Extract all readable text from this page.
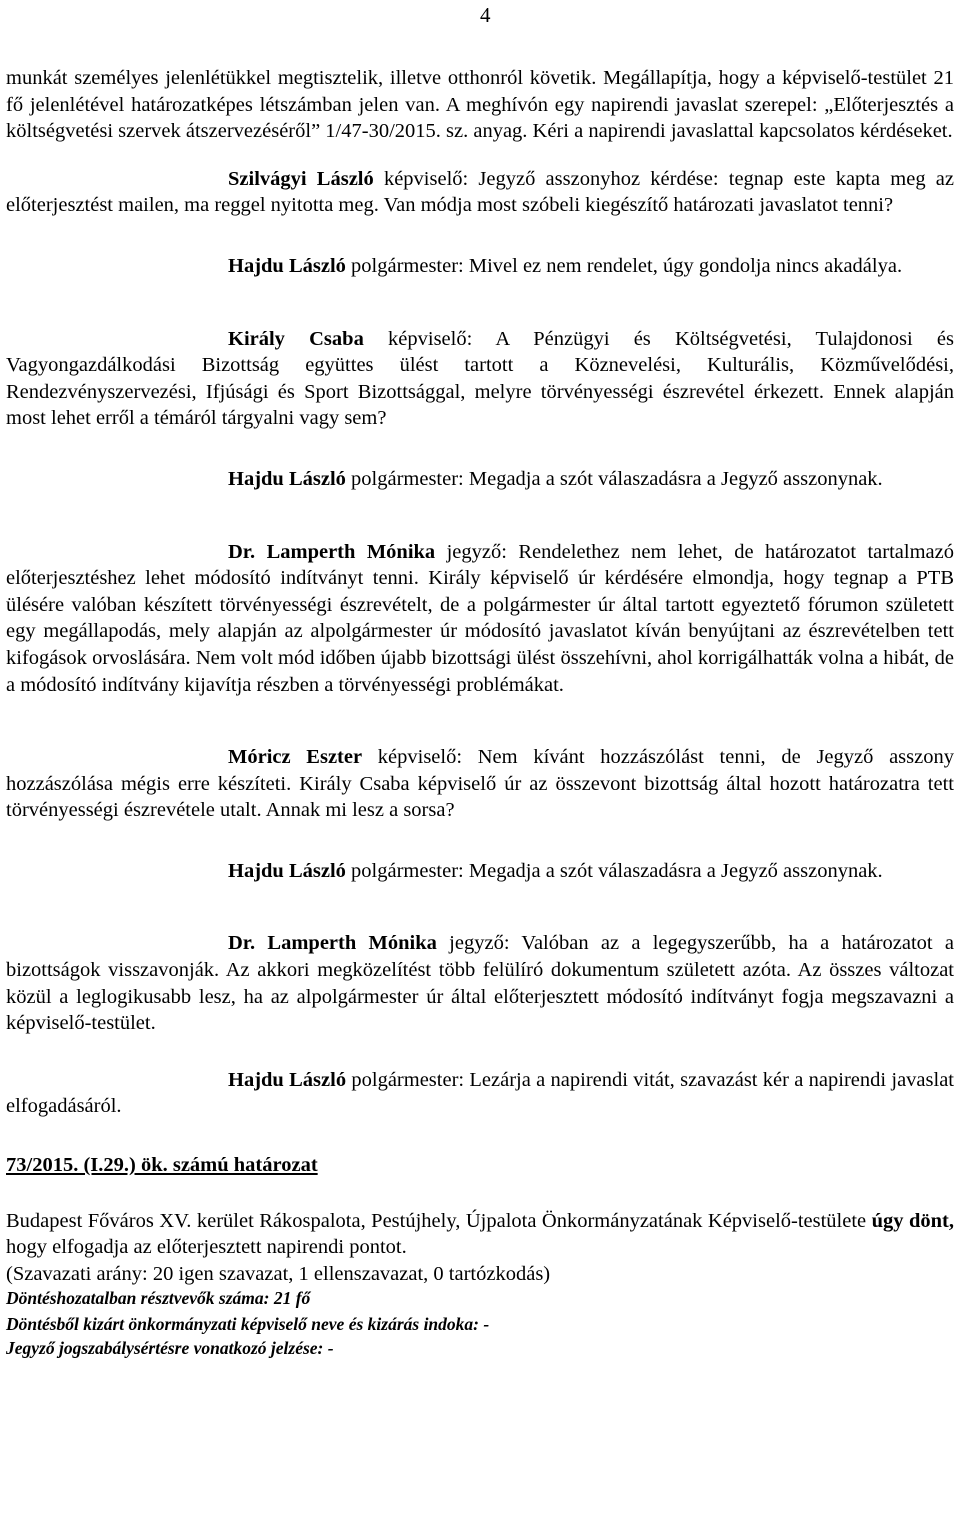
4

munkát személyes jelenlétükkel megtisztelik, illetve otthonról követik. Megállapítja, hogy a képviselő-testület 21 fő jelenlétével határozatképes létszámban jelen van. A meghívón egy napirendi javaslat szerepel: „Előterjesztés a költségvetési szervek átszervezéséről” 1/47-30/2015. sz. anyag. Kéri a napirendi javaslattal kapcsolatos kérdéseket.

Szilvágyi László képviselő: Jegyző asszonyhoz kérdése: tegnap este kapta meg az előterjesztést mailen, ma reggel nyitotta meg. Van módja most szóbeli kiegészítő határozati javaslatot tenni?

Hajdu László polgármester: Mivel ez nem rendelet, úgy gondolja nincs akadálya.

Király Csaba képviselő: A Pénzügyi és Költségvetési, Tulajdonosi és Vagyongazdálkodási Bizottság együttes ülést tartott a Köznevelési, Kulturális, Közművelődési, Rendezvényszervezési, Ifjúsági és Sport Bizottsággal, melyre törvényességi észrevétel érkezett. Ennek alapján most lehet erről a témáról tárgyalni vagy sem?

Hajdu László polgármester: Megadja a szót válaszadásra a Jegyző asszonynak.

Dr. Lamperth Mónika jegyző: Rendelethez nem lehet, de határozatot tartalmazó előterjesztéshez lehet módosító indítványt tenni. Király képviselő úr kérdésére elmondja, hogy tegnap a PTB ülésére valóban készített törvényességi észrevételt, de a polgármester úr által tartott egyeztető fórumon született egy megállapodás, mely alapján az alpolgármester úr módosító javaslatot kíván benyújtani az észrevételben tett kifogások orvoslására. Nem volt mód időben újabb bizottsági ülést összehívni, ahol korrigálhatták volna a hibát, de a módosító indítvány kijavítja részben a törvényességi problémákat.

Móricz Eszter képviselő: Nem kívánt hozzászólást tenni, de Jegyző asszony hozzászólása mégis erre készíteti. Király Csaba képviselő úr az összevont bizottság által hozott határozatra tett törvényességi észrevétele utalt. Annak mi lesz a sorsa?

Hajdu László polgármester: Megadja a szót válaszadásra a Jegyző asszonynak.

Dr. Lamperth Mónika jegyző: Valóban az a legegyszerűbb, ha a határozatot a bizottságok visszavonják. Az akkori megközelítést több felülíró dokumentum született azóta. Az összes változat közül a leglogikusabb lesz, ha az alpolgármester úr által előterjesztett módosító indítványt fogja megszavazni a képviselő-testület.

Hajdu László polgármester: Lezárja a napirendi vitát, szavazást kér a napirendi javaslat elfogadásáról.

73/2015. (I.29.) ök. számú határozat

Budapest Főváros XV. kerület Rákospalota, Pestújhely, Újpalota Önkormányzatának Képviselő-testülete úgy dönt, hogy elfogadja az előterjesztett napirendi pontot.

(Szavazati arány: 20 igen szavazat, 1 ellenszavazat, 0 tartózkodás)

Döntéshozatalban résztvevők száma: 21 fő

Döntésből kizárt önkormányzati képviselő neve és kizárás indoka: -

Jegyző jogszabálysértésre vonatkozó jelzése: -
